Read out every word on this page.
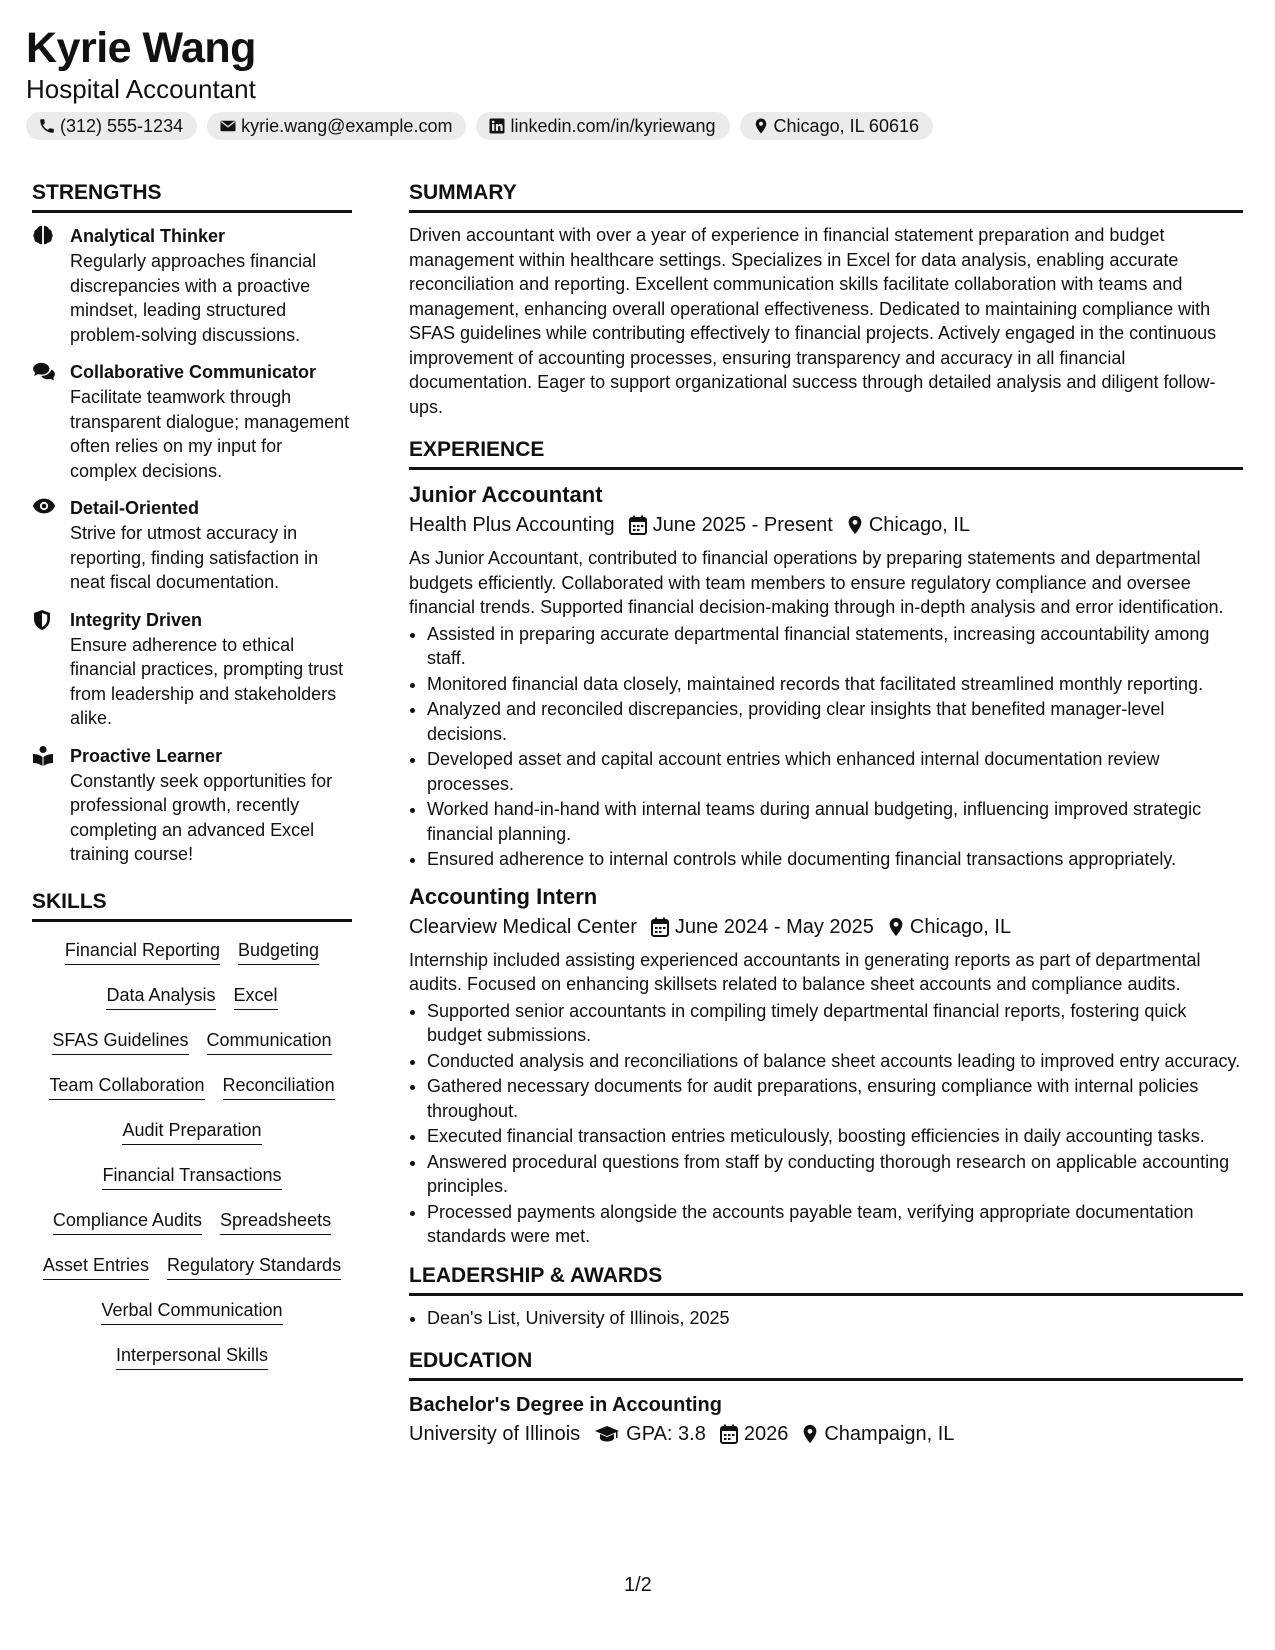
Kyrie Wang
Hospital Accountant
(312) 555-1234	kyrie.wang@example.com	linkedin.com/in/kyriewang	Chicago, IL 60616
STRENGTHS
Analytical Thinker
Regularly approaches financial discrepancies with a proactive mindset, leading structured problem-solving discussions.
Collaborative Communicator
Facilitate teamwork through transparent dialogue; management often relies on my input for complex decisions.
Detail-Oriented
Strive for utmost accuracy in reporting, finding satisfaction in neat fiscal documentation.
Integrity Driven
Ensure adherence to ethical financial practices, prompting trust from leadership and stakeholders alike.
Proactive Learner
Constantly seek opportunities for professional growth, recently completing an advanced Excel training course!
SKILLS
Financial Reporting Budgeting
Data Analysis Excel
SFAS Guidelines Communication
Team Collaboration Reconciliation
Audit Preparation
Financial Transactions
Compliance Audits Spreadsheets
Asset Entries Regulatory Standards
Verbal Communication
Interpersonal Skills
SUMMARY
Driven accountant with over a year of experience in financial statement preparation and budget management within healthcare settings. Specializes in Excel for data analysis, enabling accurate reconciliation and reporting. Excellent communication skills facilitate collaboration with teams and management, enhancing overall operational effectiveness. Dedicated to maintaining compliance with SFAS guidelines while contributing effectively to financial projects. Actively engaged in the continuous improvement of accounting processes, ensuring transparency and accuracy in all financial documentation. Eager to support organizational success through detailed analysis and diligent follow-ups.
EXPERIENCE
Junior Accountant
Health Plus Accounting June 2025 - Present Chicago, IL
As Junior Accountant, contributed to financial operations by preparing statements and departmental budgets efficiently. Collaborated with team members to ensure regulatory compliance and oversee financial trends. Supported financial decision-making through in-depth analysis and error identification.
• Assisted in preparing accurate departmental financial statements, increasing accountability among staff.
• Monitored financial data closely, maintained records that facilitated streamlined monthly reporting.
• Analyzed and reconciled discrepancies, providing clear insights that benefited manager-level decisions.
• Developed asset and capital account entries which enhanced internal documentation review processes.
• Worked hand-in-hand with internal teams during annual budgeting, influencing improved strategic financial planning.
• Ensured adherence to internal controls while documenting financial transactions appropriately.
Accounting Intern
Clearview Medical Center June 2024 - May 2025 Chicago, IL
Internship included assisting experienced accountants in generating reports as part of departmental audits. Focused on enhancing skillsets related to balance sheet accounts and compliance audits.
• Supported senior accountants in compiling timely departmental financial reports, fostering quick budget submissions.
• Conducted analysis and reconciliations of balance sheet accounts leading to improved entry accuracy.
• Gathered necessary documents for audit preparations, ensuring compliance with internal policies throughout.
• Executed financial transaction entries meticulously, boosting efficiencies in daily accounting tasks.
• Answered procedural questions from staff by conducting thorough research on applicable accounting principles.
• Processed payments alongside the accounts payable team, verifying appropriate documentation standards were met.
LEADERSHIP & AWARDS
• Dean's List, University of Illinois, 2025
EDUCATION
Bachelor's Degree in Accounting
University of Illinois GPA: 3.8 2026 Champaign, IL
1/2
